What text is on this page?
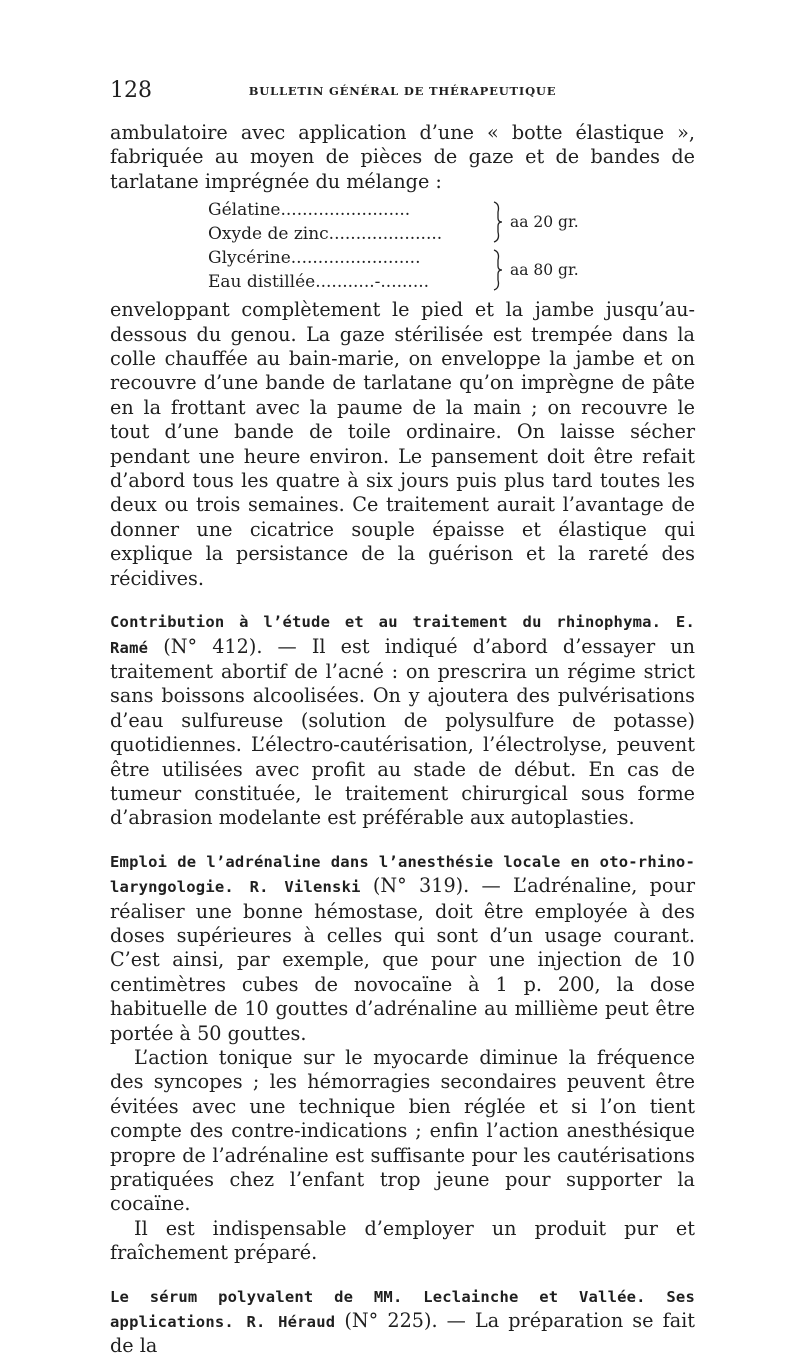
128	BULLETIN GÉNÉRAL DE THÉRAPEUTIQUE

ambulatoire avec application d’une « botte élastique », fabriquée au moyen de pièces de gaze et de bandes de tarlatane imprégnée du mélange :

Gélatine........................
Oxyde de zinc.....................
Glycérine........................
Eau distillée...........-.........
aa 20 gr.
aa 80 gr.

enveloppant complètement le pied et la jambe jusqu’au-dessous du genou. La gaze stérilisée est trempée dans la colle chauffée au bain-marie, on enveloppe la jambe et on recouvre d’une bande de tarlatane qu’on imprègne de pâte en la frottant avec la paume de la main ; on recouvre le tout d’une bande de toile ordinaire. On laisse sécher pendant une heure environ. Le pansement doit être refait d’abord tous les quatre à six jours puis plus tard toutes les deux ou trois semaines. Ce traitement aurait l’avantage de donner une cicatrice souple épaisse et élastique qui explique la persistance de la guérison et la rareté des récidives.

Contribution à l’étude et au traitement du rhinophyma. E. Ramé (N° 412). — Il est indiqué d’abord d’essayer un traitement abortif de l’acné : on prescrira un régime strict sans boissons alcoolisées. On y ajoutera des pulvérisations d’eau sulfureuse (solution de polysulfure de potasse) quotidiennes. L’électro-cautérisation, l’électrolyse, peuvent être utilisées avec profit au stade de début. En cas de tumeur constituée, le traitement chirurgical sous forme d’abrasion modelante est préférable aux autoplasties.

Emploi de l’adrénaline dans l’anesthésie locale en oto-rhino-laryngologie. R. Vilenski (N° 319). — L’adrénaline, pour réaliser une bonne hémostase, doit être employée à des doses supérieures à celles qui sont d’un usage courant. C’est ainsi, par exemple, que pour une injection de 10 centimètres cubes de novocaïne à 1 p. 200, la dose habituelle de 10 gouttes d’adrénaline au millième peut être portée à 50 gouttes.

L’action tonique sur le myocarde diminue la fréquence des syncopes ; les hémorragies secondaires peuvent être évitées avec une technique bien réglée et si l’on tient compte des contre-indications ; enfin l’action anesthésique propre de l’adrénaline est suffisante pour les cautérisations pratiquées chez l’enfant trop jeune pour supporter la cocaïne.

Il est indispensable d’employer un produit pur et fraîchement préparé.

Le sérum polyvalent de MM. Leclainche et Vallée. Ses applications. R. Héraud (N° 225). — La préparation se fait de la
